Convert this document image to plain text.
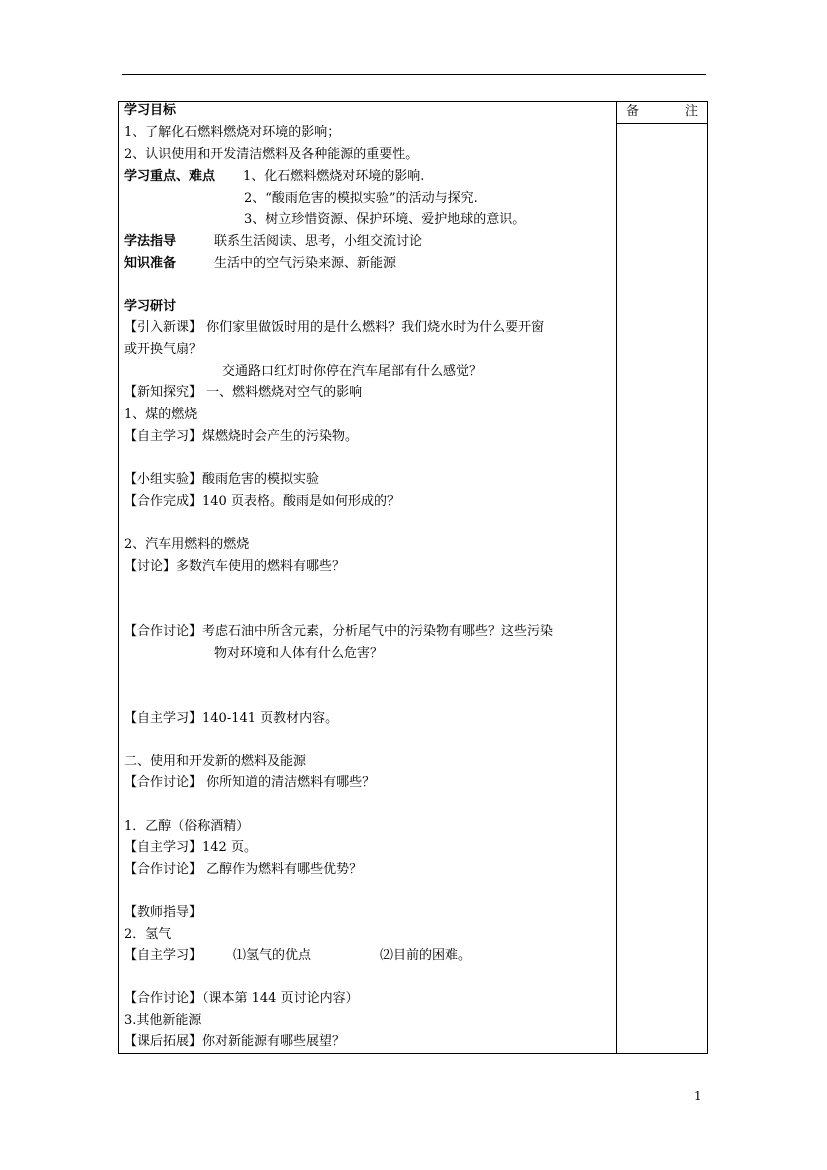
备	注
学习目标
1、了解化石燃料燃烧对环境的影响；
2、认识使用和开发清洁燃料及各种能源的重要性。
学习重点、难点 1、化石燃料燃烧对环境的影响.
2、“酸雨危害的模拟实验”的活动与探究.
3、树立珍惜资源、保护环境、爱护地球的意识。
学法指导	联系生活阅读、思考，小组交流讨论
知识准备	生活中的空气污染来源、新能源
学习研讨
【引入新课】 你们家里做饭时用的是什么燃料？我们烧水时为什么要开窗
或开换气扇？
交通路口红灯时你停在汽车尾部有什么感觉？
【新知探究】 一、燃料燃烧对空气的影响
1、煤的燃烧
【自主学习】煤燃烧时会产生的污染物。
【小组实验】酸雨危害的模拟实验
【合作完成】140 页表格。酸雨是如何形成的？
2、汽车用燃料的燃烧
【讨论】多数汽车使用的燃料有哪些？
【合作讨论】考虑石油中所含元素，分析尾气中的污染物有哪些？这些污染
物对环境和人体有什么危害？
【自主学习】140-141 页教材内容。
二、使用和开发新的燃料及能源
【合作讨论】 你所知道的清洁燃料有哪些？
1．乙醇（俗称酒精）
【自主学习】142 页。
【合作讨论】 乙醇作为燃料有哪些优势？
【教师指导】
2．氢气
【自主学习】 ⑴氢气的优点	⑵目前的困难。
【合作讨论】（课本第 144 页讨论内容）
3.其他新能源
【课后拓展】你对新能源有哪些展望？
1
